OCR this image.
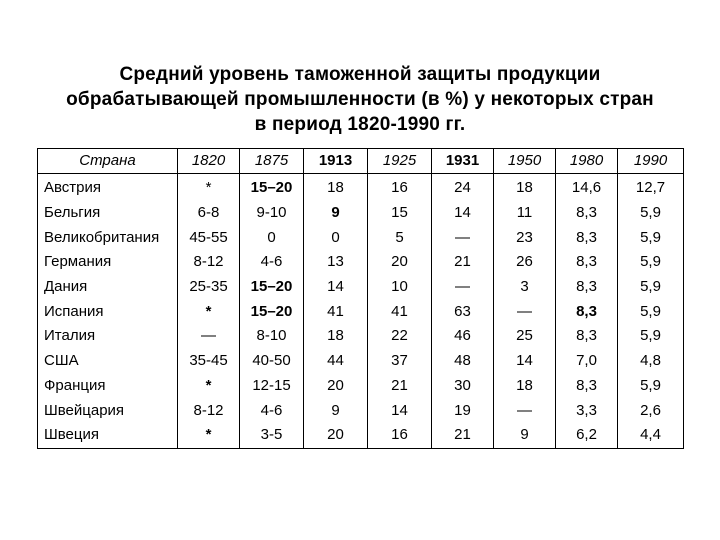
Средний уровень таможенной защиты продукции
обрабатывающей промышленности (в %) у некоторых стран
в период 1820-1990 гг.
Страна	1820	1875	1913	1925	1931	1950	1980	1990
Австрия	*	15–20	18	16	24	18	14,6	12,7
Бельгия	6-8	9-10	9	15	14	11	8,3	5,9
Великобритания	45-55	0	0	5	—	23	8,3	5,9
Германия	8-12	4-6	13	20	21	26	8,3	5,9
Дания	25-35	15–20	14	10	—	3	8,3	5,9
Испания	*	15–20	41	41	63	—	8,3	5,9
Италия	—	8-10	18	22	46	25	8,3	5,9
США	35-45	40-50	44	37	48	14	7,0	4,8
Франция	*	12-15	20	21	30	18	8,3	5,9
Швейцария	8-12	4-6	9	14	19	—	3,3	2,6
Швеция	*	3-5	20	16	21	9	6,2	4,4
